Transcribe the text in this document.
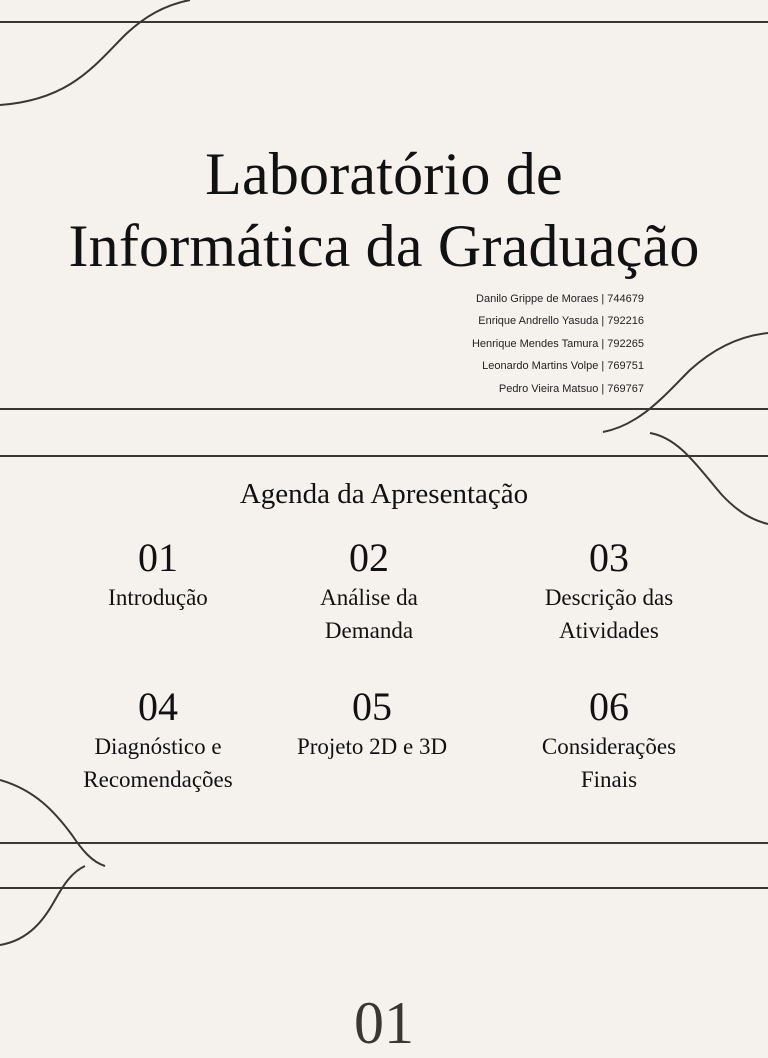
Laboratório de
Informática da Graduação
Danilo Grippe de Moraes | 744679
Enrique Andrello Yasuda | 792216
Henrique Mendes Tamura | 792265
Leonardo Martins Volpe | 769751
Pedro Vieira Matsuo | 769767
Agenda da Apresentação
01
Introdução
02
Análise da
Demanda
03
Descrição das
Atividades
04
Diagnóstico e
Recomendações
05
Projeto 2D e 3D
06
Considerações
Finais
01
